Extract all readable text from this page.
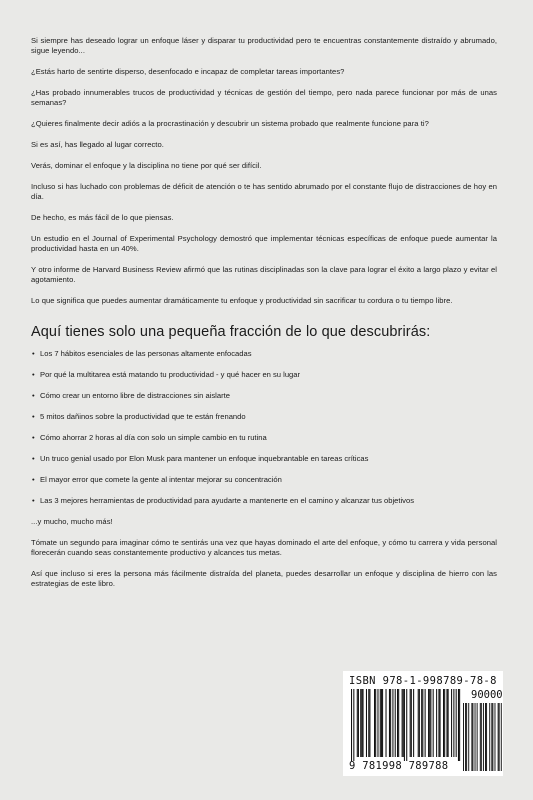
Si siempre has deseado lograr un enfoque láser y disparar tu productividad pero te encuentras constantemente distraído y abrumado, sigue leyendo...

¿Estás harto de sentirte disperso, desenfocado e incapaz de completar tareas importantes?

¿Has probado innumerables trucos de productividad y técnicas de gestión del tiempo, pero nada parece funcionar por más de unas semanas?

¿Quieres finalmente decir adiós a la procrastinación y descubrir un sistema probado que realmente funcione para ti?

Si es así, has llegado al lugar correcto.

Verás, dominar el enfoque y la disciplina no tiene por qué ser difícil.

Incluso si has luchado con problemas de déficit de atención o te has sentido abrumado por el constante flujo de distracciones de hoy en día.

De hecho, es más fácil de lo que piensas.

Un estudio en el Journal of Experimental Psychology demostró que implementar técnicas específicas de enfoque puede aumentar la productividad hasta en un 40%.

Y otro informe de Harvard Business Review afirmó que las rutinas disciplinadas son la clave para lograr el éxito a largo plazo y evitar el agotamiento.

Lo que significa que puedes aumentar dramáticamente tu enfoque y productividad sin sacrificar tu cordura o tu tiempo libre.

Aquí tienes solo una pequeña fracción de lo que descubrirás:
• Los 7 hábitos esenciales de las personas altamente enfocadas
• Por qué la multitarea está matando tu productividad - y qué hacer en su lugar
• Cómo crear un entorno libre de distracciones sin aislarte
• 5 mitos dañinos sobre la productividad que te están frenando
• Cómo ahorrar 2 horas al día con solo un simple cambio en tu rutina
• Un truco genial usado por Elon Musk para mantener un enfoque inquebrantable en tareas críticas
• El mayor error que comete la gente al intentar mejorar su concentración
• Las 3 mejores herramientas de productividad para ayudarte a mantenerte en el camino y alcanzar tus objetivos

...y mucho, mucho más!

Tómate un segundo para imaginar cómo te sentirás una vez que hayas dominado el arte del enfoque, y cómo tu carrera y vida personal florecerán cuando seas constantemente productivo y alcances tus metas.

Así que incluso si eres la persona más fácilmente distraída del planeta, puedes desarrollar un enfoque y disciplina de hierro con las estrategias de este libro.

ISBN 978-1-998789-78-8
90000
9 781998 789788
